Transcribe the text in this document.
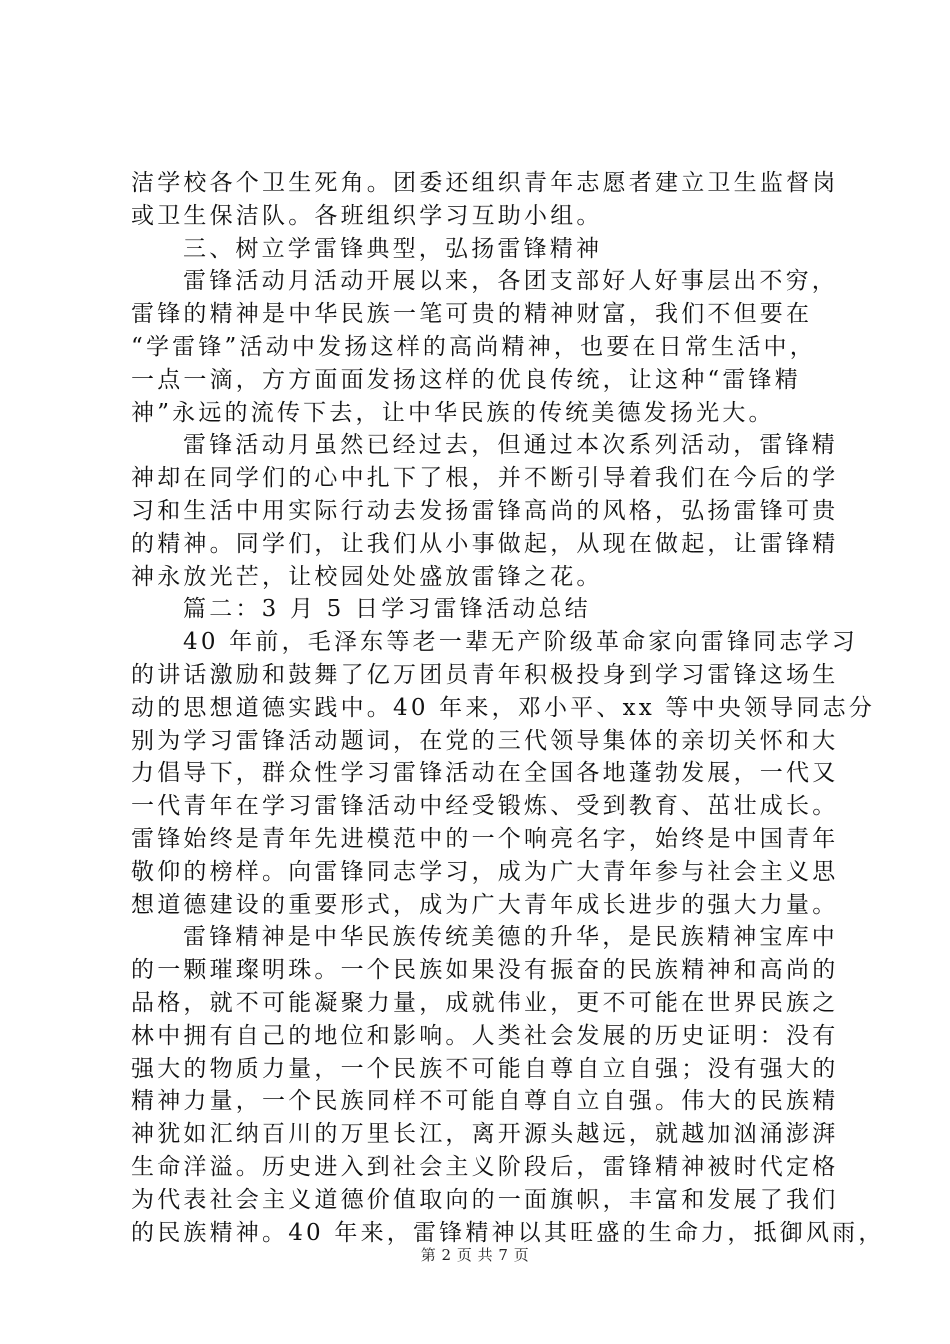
洁学校各个卫生死角。团委还组织青年志愿者建立卫生监督岗
或卫生保洁队。各班组织学习互助小组。
三、树立学雷锋典型，弘扬雷锋精神
雷锋活动月活动开展以来，各团支部好人好事层出不穷，
雷锋的精神是中华民族一笔可贵的精神财富，我们不但要在
“学雷锋”活动中发扬这样的高尚精神，也要在日常生活中，
一点一滴，方方面面发扬这样的优良传统，让这种“雷锋精
神”永远的流传下去，让中华民族的传统美德发扬光大。
雷锋活动月虽然已经过去，但通过本次系列活动，雷锋精
神却在同学们的心中扎下了根，并不断引导着我们在今后的学
习和生活中用实际行动去发扬雷锋高尚的风格，弘扬雷锋可贵
的精神。同学们，让我们从小事做起，从现在做起，让雷锋精
神永放光芒，让校园处处盛放雷锋之花。
篇二：3 月 5 日学习雷锋活动总结
40 年前，毛泽东等老一辈无产阶级革命家向雷锋同志学习
的讲话激励和鼓舞了亿万团员青年积极投身到学习雷锋这场生
动的思想道德实践中。40 年来，邓小平、xx 等中央领导同志分
别为学习雷锋活动题词，在党的三代领导集体的亲切关怀和大
力倡导下，群众性学习雷锋活动在全国各地蓬勃发展，一代又
一代青年在学习雷锋活动中经受锻炼、受到教育、茁壮成长。
雷锋始终是青年先进模范中的一个响亮名字，始终是中国青年
敬仰的榜样。向雷锋同志学习，成为广大青年参与社会主义思
想道德建设的重要形式，成为广大青年成长进步的强大力量。
雷锋精神是中华民族传统美德的升华，是民族精神宝库中
的一颗璀璨明珠。一个民族如果没有振奋的民族精神和高尚的
品格，就不可能凝聚力量，成就伟业，更不可能在世界民族之
林中拥有自己的地位和影响。人类社会发展的历史证明：没有
强大的物质力量，一个民族不可能自尊自立自强；没有强大的
精神力量，一个民族同样不可能自尊自立自强。伟大的民族精
神犹如汇纳百川的万里长江，离开源头越远，就越加汹涌澎湃
生命洋溢。历史进入到社会主义阶段后，雷锋精神被时代定格
为代表社会主义道德价值取向的一面旗帜，丰富和发展了我们
的民族精神。40 年来，雷锋精神以其旺盛的生命力，抵御风雨，
第 2 页 共 7 页
